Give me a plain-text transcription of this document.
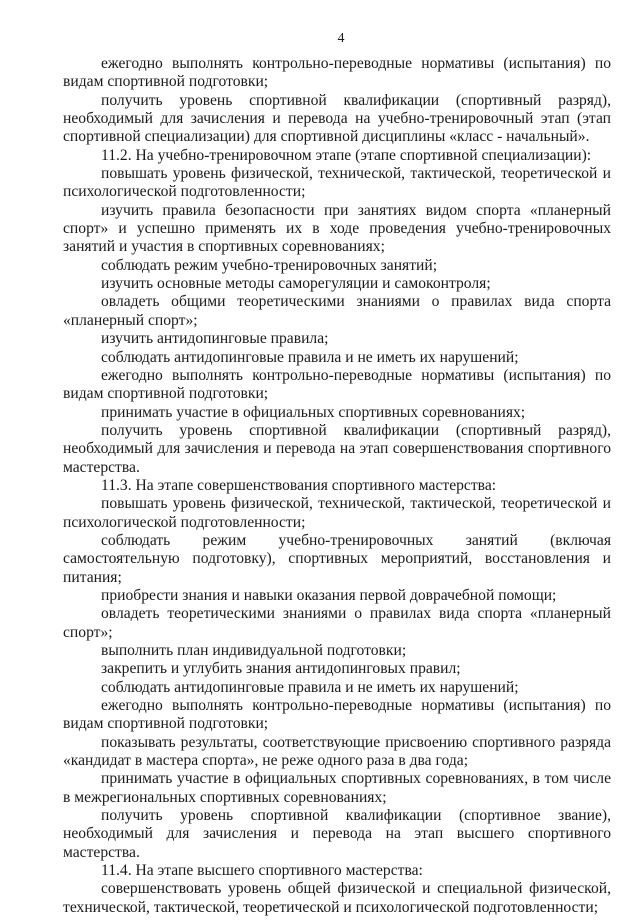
4

ежегодно выполнять контрольно-переводные нормативы (испытания) по видам спортивной подготовки;

получить уровень спортивной квалификации (спортивный разряд), необходимый для зачисления и перевода на учебно-тренировочный этап (этап спортивной специализации) для спортивной дисциплины «класс - начальный».

11.2. На учебно-тренировочном этапе (этапе спортивной специализации):

повышать уровень физической, технической, тактической, теоретической и психологической подготовленности;

изучить правила безопасности при занятиях видом спорта «планерный спорт» и успешно применять их в ходе проведения учебно-тренировочных занятий и участия в спортивных соревнованиях;

соблюдать режим учебно-тренировочных занятий;

изучить основные методы саморегуляции и самоконтроля;

овладеть общими теоретическими знаниями о правилах вида спорта «планерный спорт»;

изучить антидопинговые правила;

соблюдать антидопинговые правила и не иметь их нарушений;

ежегодно выполнять контрольно-переводные нормативы (испытания) по видам спортивной подготовки;

принимать участие в официальных спортивных соревнованиях;

получить уровень спортивной квалификации (спортивный разряд), необходимый для зачисления и перевода на этап совершенствования спортивного мастерства.

11.3. На этапе совершенствования спортивного мастерства:

повышать уровень физической, технической, тактической, теоретической и психологической подготовленности;

соблюдать режим учебно-тренировочных занятий (включая самостоятельную подготовку), спортивных мероприятий, восстановления и питания;

приобрести знания и навыки оказания первой доврачебной помощи;

овладеть теоретическими знаниями о правилах вида спорта «планерный спорт»;

выполнить план индивидуальной подготовки;

закрепить и углубить знания антидопинговых правил;

соблюдать антидопинговые правила и не иметь их нарушений;

ежегодно выполнять контрольно-переводные нормативы (испытания) по видам спортивной подготовки;

показывать результаты, соответствующие присвоению спортивного разряда «кандидат в мастера спорта», не реже одного раза в два года;

принимать участие в официальных спортивных соревнованиях, в том числе в межрегиональных спортивных соревнованиях;

получить уровень спортивной квалификации (спортивное звание), необходимый для зачисления и перевода на этап высшего спортивного мастерства.

11.4. На этапе высшего спортивного мастерства:

совершенствовать уровень общей физической и специальной физической, технической, тактической, теоретической и психологической подготовленности;
